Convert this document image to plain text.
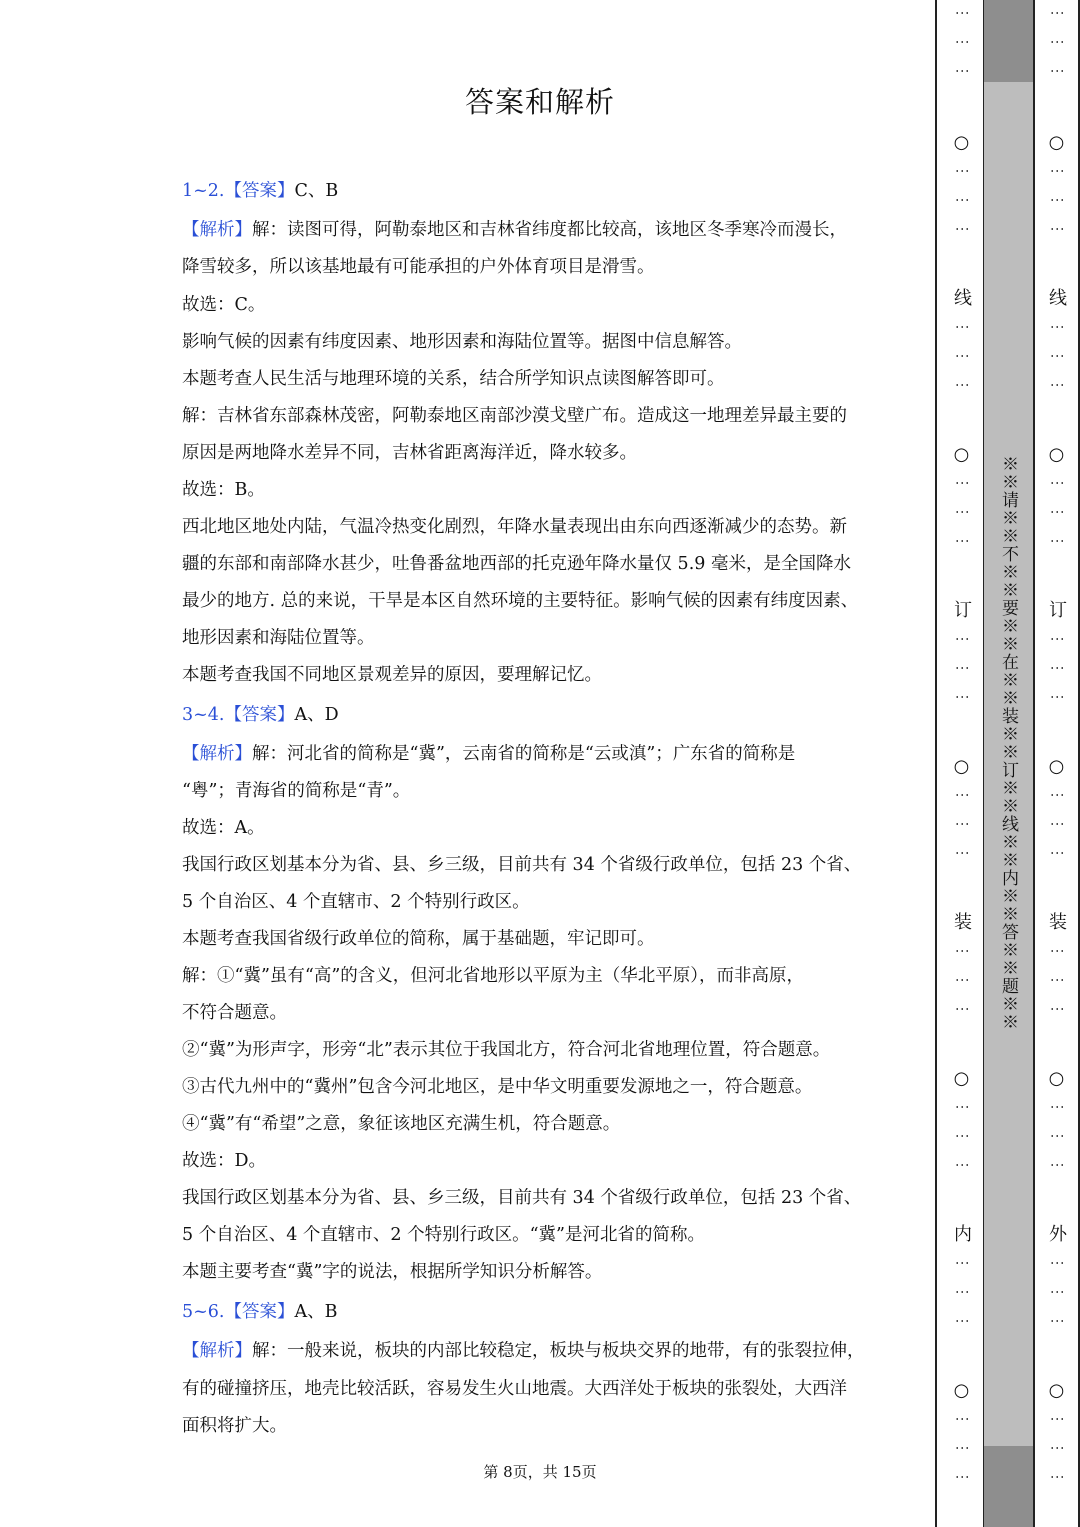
答案和解析
1~2.【答案】C、B
【解析】解：读图可得，阿勒泰地区和吉林省纬度都比较高，该地区冬季寒冷而漫长，
降雪较多，所以该基地最有可能承担的户外体育项目是滑雪。
故选：C。
影响气候的因素有纬度因素、地形因素和海陆位置等。据图中信息解答。
本题考查人民生活与地理环境的关系，结合所学知识点读图解答即可。
解：吉林省东部森林茂密，阿勒泰地区南部沙漠戈壁广布。造成这一地理差异最主要的
原因是两地降水差异不同，吉林省距离海洋近，降水较多。
故选：B。
西北地区地处内陆，气温冷热变化剧烈，年降水量表现出由东向西逐渐减少的态势。新
疆的东部和南部降水甚少，吐鲁番盆地西部的托克逊年降水量仅 5.9 毫米，是全国降水
最少的地方. 总的来说，干旱是本区自然环境的主要特征。影响气候的因素有纬度因素、
地形因素和海陆位置等。
本题考查我国不同地区景观差异的原因，要理解记忆。
3~4.【答案】A、D
【解析】解：河北省的简称是“冀”，云南省的简称是“云或滇”；广东省的简称是
“粤”；青海省的简称是“青”。
故选：A。
我国行政区划基本分为省、县、乡三级，目前共有 34 个省级行政单位，包括 23 个省、
5 个自治区、4 个直辖市、2 个特别行政区。
本题考查我国省级行政单位的简称，属于基础题，牢记即可。
解：①“冀”虽有“高”的含义，但河北省地形以平原为主（华北平原），而非高原，
不符合题意。
②“冀”为形声字，形旁“北”表示其位于我国北方，符合河北省地理位置，符合题意。
③古代九州中的“冀州”包含今河北地区，是中华文明重要发源地之一，符合题意。
④“冀”有“希望”之意，象征该地区充满生机，符合题意。
故选：D。
我国行政区划基本分为省、县、乡三级，目前共有 34 个省级行政单位，包括 23 个省、
5 个自治区、4 个直辖市、2 个特别行政区。“冀”是河北省的简称。
本题主要考查“冀”字的说法，根据所学知识分析解答。
5~6.【答案】A、B
【解析】解：一般来说，板块的内部比较稳定，板块与板块交界的地带，有的张裂拉伸，
有的碰撞挤压，地壳比较活跃，容易发生火山地震。大西洋处于板块的张裂处，大西洋
面积将扩大。
第 8页，共 15页
⋮⋮⋮
⋮⋮⋮
⋮⋮⋮
⋮⋮⋮
⋮⋮⋮
⋮⋮⋮
⋮⋮⋮
⋮⋮⋮
⋮⋮⋮
⋮⋮⋮
○
线
○
订
○
装
○
内
○
⋮⋮⋮
⋮⋮⋮
⋮⋮⋮
⋮⋮⋮
⋮⋮⋮
⋮⋮⋮
⋮⋮⋮
⋮⋮⋮
⋮⋮⋮
⋮⋮⋮
○
线
○
订
○
装
○
外
○
※※请※※不※※要※※在※※装※※订※※线※※内※※答※※题※※
